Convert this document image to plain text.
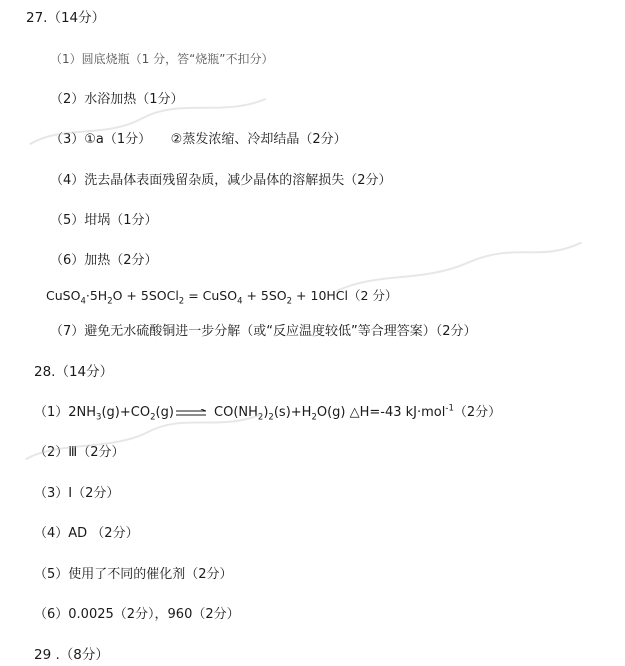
27.（14分）
（1）圆底烧瓶（1 分，答“烧瓶”不扣分）
（2）水浴加热（1分）
（3）①a（1分）　　②蒸发浓缩、冷却结晶（2分）
（4）洗去晶体表面残留杂质，减少晶体的溶解损失（2分）
（5）坩埚（1分）
（6）加热（2分）
$CuSO_4\cdot 5H_2O$ + 5SOCl$_2$ = CuSO$_4$ + $5SO_2 + 10HCl(2$ 分）
（7）避免无水硫酸铜进一步分解（或“反应温度较低”等合理答案）（2分）
28.（14分）
$(1)2NH_3(g)+CO_2(g)$	$CO(NH_2)_2(s)+H_2O(g)$ △H=-43 kJ·mol$^{-1}$（2分）
（2）Ⅲ（2分）
（3）Ⅰ（2分）
（4）AD （2分）
（5）使用了不同的催化剂（2分）
（6）0.0025（2分），960（2分）
29 .（8分）
